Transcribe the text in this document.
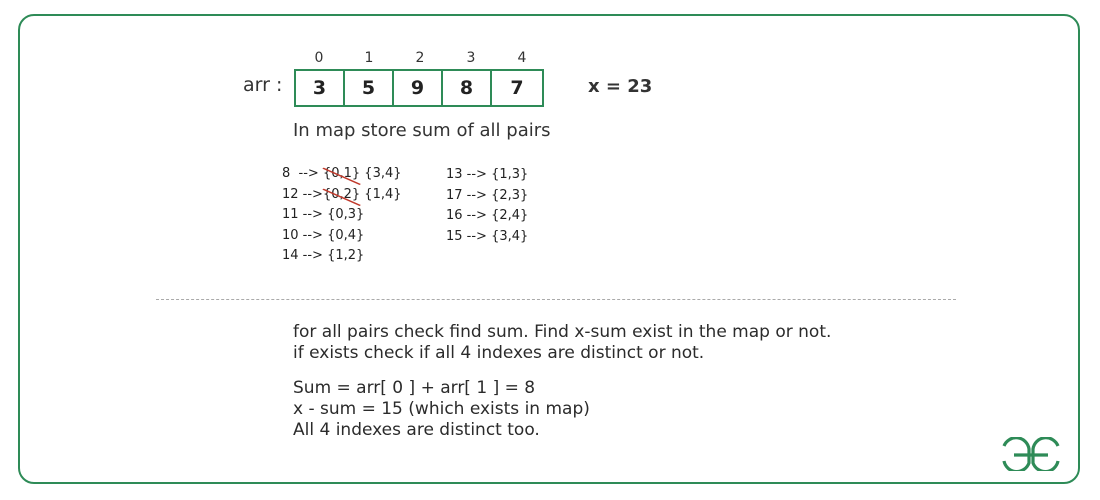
arr :
0	1	2	3	4
3	5	9	8	7	x = 23
In map store sum of all pairs
8  --> {0,1}
{3,4}
12 -->{0,2}
{1,4}
11 --> {0,3}
10 --> {0,4}
14 --> {1,2}
13 --> {1,3}
17 --> {2,3}
16 --> {2,4}
15 --> {3,4}
for all pairs check find sum. Find x-sum exist in the map or not.
if exists check if all 4 indexes are distinct or not.
Sum = arr[ 0 ] + arr[ 1 ] = 8
x - sum = 15 (which exists in map)
All 4 indexes are distinct too.
